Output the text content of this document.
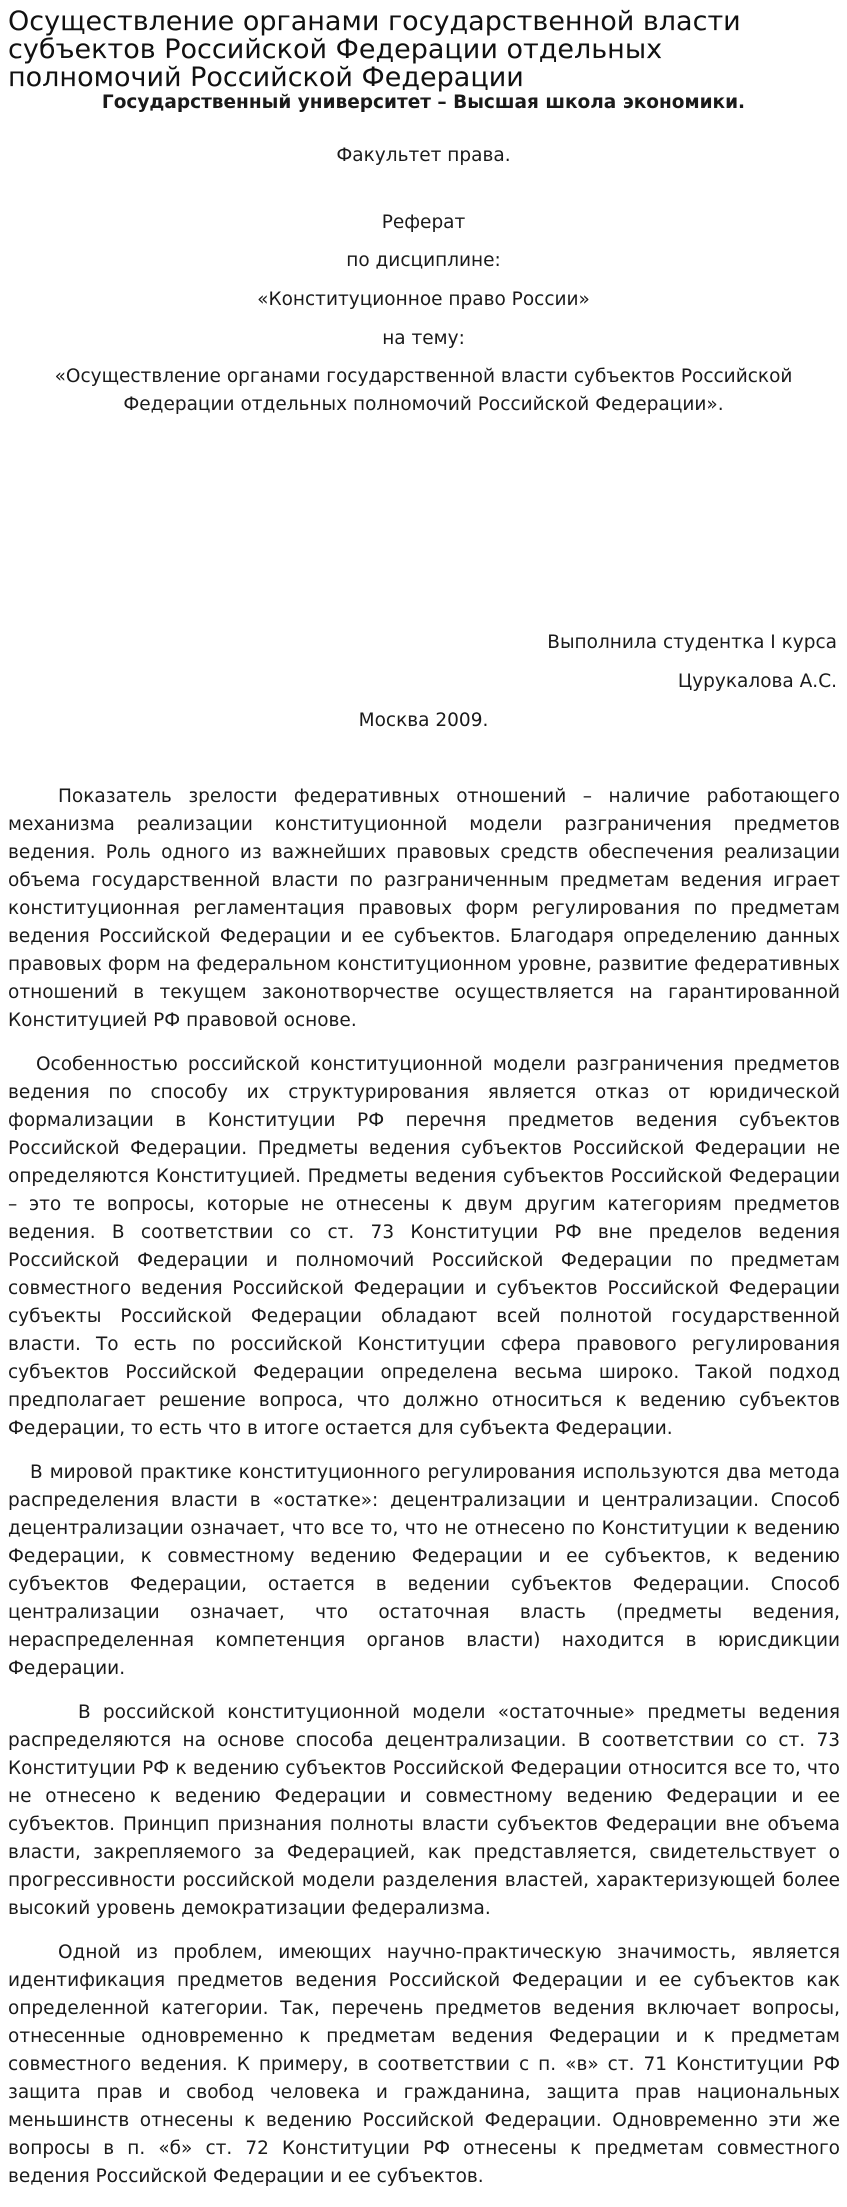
Осуществление органами государственной власти субъектов Российской Федерации отдельных полномочий Российской Федерации
Государственный университет – Высшая школа экономики.
Факультет права.
Реферат
по дисциплине:
«Конституционное право России»
на тему:
«Осуществление органами государственной власти субъектов Российской
Федерации отдельных полномочий Российской Федерации».
Выполнила студентка I курса
Цурукалова А.С.
Москва 2009.

Показатель зрелости федеративных отношений – наличие работающего механизма реализации конституционной модели разграничения предметов ведения. Роль одного из важнейших правовых средств обеспечения реализации объема государственной власти по разграниченным предметам ведения играет конституционная регламентация правовых форм регулирования по предметам ведения Российской Федерации и ее субъектов. Благодаря определению данных правовых форм на федеральном конституционном уровне, развитие федеративных отношений в текущем законотворчестве осуществляется на гарантированной Конституцией РФ правовой основе.

Особенностью российской конституционной модели разграничения предметов ведения по способу их структурирования является отказ от юридической формализации в Конституции РФ перечня предметов ведения субъектов Российской Федерации. Предметы ведения субъектов Российской Федерации не определяются Конституцией. Предметы ведения субъектов Российской Федерации – это те вопросы, которые не отнесены к двум другим категориям предметов ведения. В соответствии со ст. 73 Конституции РФ вне пределов ведения Российской Федерации и полномочий Российской Федерации по предметам совместного ведения Российской Федерации и субъектов Российской Федерации субъекты Российской Федерации обладают всей полнотой государственной власти. То есть по российской Конституции сфера правового регулирования субъектов Российской Федерации определена весьма широко. Такой подход предполагает решение вопроса, что должно относиться к ведению субъектов Федерации, то есть что в итоге остается для субъекта Федерации.

В мировой практике конституционного регулирования используются два метода распределения власти в «остатке»: децентрализации и централизации. Способ децентрализации означает, что все то, что не отнесено по Конституции к ведению Федерации, к совместному ведению Федерации и ее субъектов, к ведению субъектов Федерации, остается в ведении субъектов Федерации. Способ централизации означает, что остаточная власть (предметы ведения, нераспределенная компетенция органов власти) находится в юрисдикции Федерации.

В российской конституционной модели «остаточные» предметы ведения распределяются на основе способа децентрализации. В соответствии со ст. 73 Конституции РФ к ведению субъектов Российской Федерации относится все то, что не отнесено к ведению Федерации и совместному ведению Федерации и ее субъектов. Принцип признания полноты власти субъектов Федерации вне объема власти, закрепляемого за Федерацией, как представляется, свидетельствует о прогрессивности российской модели разделения властей, характеризующей более высокий уровень демократизации федерализма.

Одной из проблем, имеющих научно-практическую значимость, является идентификация предметов ведения Российской Федерации и ее субъектов как определенной категории. Так, перечень предметов ведения включает вопросы, отнесенные одновременно к предметам ведения Федерации и к предметам совместного ведения. К примеру, в соответствии с п. «в» ст. 71 Конституции РФ защита прав и свобод человека и гражданина, защита прав национальных меньшинств отнесены к ведению Российской Федерации. Одновременно эти же вопросы в п. «б» ст. 72 Конституции РФ отнесены к предметам совместного ведения Российской Федерации и ее субъектов.
